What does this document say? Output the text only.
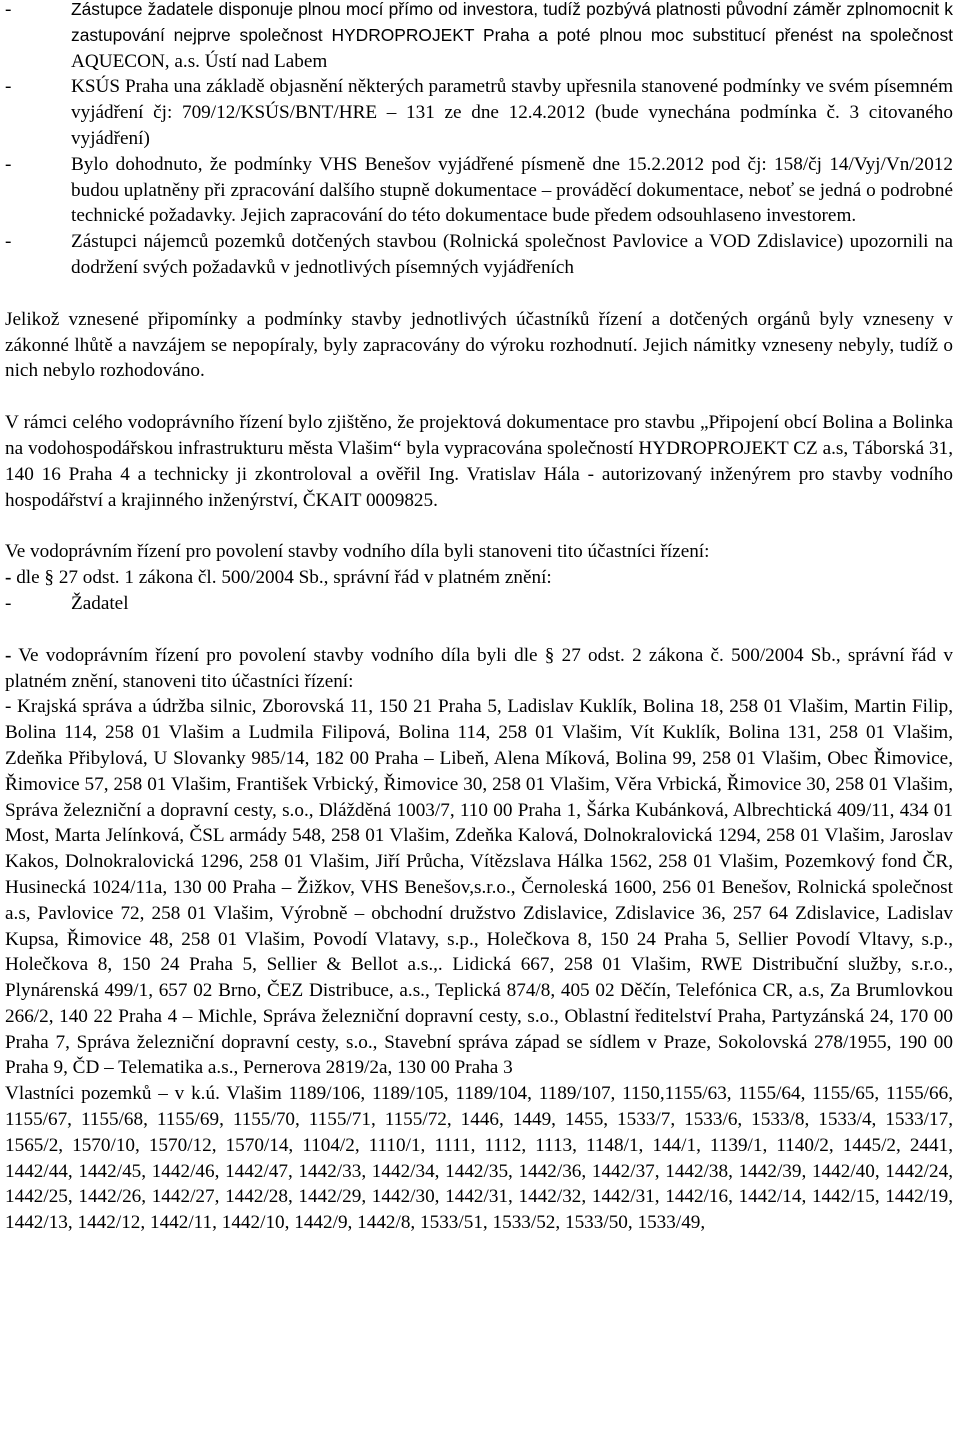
-	Zástupce žadatele disponuje plnou mocí přímo od investora, tudíž pozbývá platnosti původní záměr zplnomocnit k zastupování nejprve společnost HYDROPROJEKT Praha a poté plnou moc substitucí přenést na společnost AQUECON, a.s. Ústí nad Labem
-	KSÚS Praha una základě objasnění některých parametrů stavby upřesnila stanovené podmínky ve svém písemném vyjádření čj: 709/12/KSÚS/BNT/HRE – 131 ze dne 12.4.2012 (bude vynechána podmínka č. 3 citovaného vyjádření)
-	Bylo dohodnuto, že podmínky VHS Benešov vyjádřené písmeně dne 15.2.2012 pod čj: 158/čj 14/Vyj/Vn/2012 budou uplatněny při zpracování dalšího stupně dokumentace – prováděcí dokumentace, neboť se jedná o podrobné technické požadavky. Jejich zapracování do této dokumentace bude předem odsouhlaseno investorem.
-	Zástupci nájemců pozemků dotčených stavbou (Rolnická společnost Pavlovice a VOD Zdislavice) upozornili na dodržení svých požadavků v jednotlivých písemných vyjádřeních

Jelikož vznesené připomínky a podmínky stavby jednotlivých účastníků řízení a dotčených orgánů byly vzneseny v zákonné lhůtě a navzájem se nepopíraly, byly zapracovány do výroku rozhodnutí. Jejich námitky vzneseny nebyly, tudíž o nich nebylo rozhodováno.

V rámci celého vodoprávního řízení bylo zjištěno, že projektová dokumentace pro stavbu „Připojení obcí Bolina a Bolinka na vodohospodářskou infrastrukturu města Vlašim“ byla vypracována společností HYDROPROJEKT CZ a.s, Táborská 31, 140 16 Praha 4 a technicky ji zkontroloval a ověřil Ing. Vratislav Hála - autorizovaný inženýrem pro stavby vodního hospodářství a krajinného inženýrství, ČKAIT 0009825.

Ve vodoprávním řízení pro povolení stavby vodního díla byli stanoveni tito účastníci řízení:

- dle § 27 odst. 1 zákona čl. 500/2004 Sb., správní řád v platném znění:

-	Žadatel

- Ve vodoprávním řízení pro povolení stavby vodního díla byli dle § 27 odst. 2 zákona č. 500/2004 Sb., správní řád v platném znění, stanoveni tito účastníci řízení:

- Krajská správa a údržba silnic, Zborovská 11, 150 21 Praha 5, Ladislav Kuklík, Bolina 18, 258 01 Vlašim, Martin Filip, Bolina 114, 258 01 Vlašim a Ludmila Filipová, Bolina 114, 258 01 Vlašim, Vít Kuklík, Bolina 131, 258 01 Vlašim, Zdeňka Přibylová, U Slovanky 985/14, 182 00 Praha – Libeň, Alena Míková, Bolina 99, 258 01 Vlašim, Obec Řimovice, Řimovice 57, 258 01 Vlašim, František Vrbický, Řimovice 30, 258 01 Vlašim, Věra Vrbická, Řimovice 30, 258 01 Vlašim, Správa železniční a dopravní cesty, s.o., Dlážděná 1003/7, 110 00 Praha 1, Šárka Kubánková, Albrechtická 409/11, 434 01 Most, Marta Jelínková, ČSL armády 548, 258 01 Vlašim, Zdeňka Kalová, Dolnokralovická 1294, 258 01 Vlašim, Jaroslav Kakos, Dolnokralovická 1296, 258 01 Vlašim, Jiří Průcha, Vítězslava Hálka 1562, 258 01 Vlašim, Pozemkový fond ČR, Husinecká 1024/11a, 130 00 Praha – Žižkov, VHS Benešov,s.r.o., Černoleská 1600, 256 01 Benešov, Rolnická společnost a.s, Pavlovice 72, 258 01 Vlašim, Výrobně – obchodní družstvo Zdislavice, Zdislavice 36, 257 64 Zdislavice, Ladislav Kupsa, Řimovice 48, 258 01 Vlašim, Povodí Vlatavy, s.p., Holečkova 8, 150 24 Praha 5, Sellier Povodí Vltavy, s.p., Holečkova 8, 150 24 Praha 5, Sellier & Bellot a.s.,. Lidická 667, 258 01 Vlašim, RWE Distribuční služby, s.r.o., Plynárenská 499/1, 657 02 Brno, ČEZ Distribuce, a.s., Teplická 874/8, 405 02 Děčín, Telefónica CR, a.s, Za Brumlovkou 266/2, 140 22 Praha 4 – Michle, Správa železniční dopravní cesty, s.o., Oblastní ředitelství Praha, Partyzánská 24, 170 00 Praha 7, Správa železniční dopravní cesty, s.o., Stavební správa západ se sídlem v Praze, Sokolovská 278/1955, 190 00 Praha 9, ČD – Telematika a.s., Pernerova 2819/2a, 130 00 Praha 3

Vlastníci pozemků – v k.ú. Vlašim 1189/106, 1189/105, 1189/104, 1189/107, 1150,1155/63, 1155/64, 1155/65, 1155/66, 1155/67, 1155/68, 1155/69, 1155/70, 1155/71, 1155/72, 1446, 1449, 1455, 1533/7, 1533/6, 1533/8, 1533/4, 1533/17, 1565/2, 1570/10, 1570/12, 1570/14, 1104/2, 1110/1, 1111, 1112, 1113, 1148/1, 144/1, 1139/1, 1140/2, 1445/2, 2441, 1442/44, 1442/45, 1442/46, 1442/47, 1442/33, 1442/34, 1442/35, 1442/36, 1442/37, 1442/38, 1442/39, 1442/40, 1442/24, 1442/25, 1442/26, 1442/27, 1442/28, 1442/29, 1442/30, 1442/31, 1442/32, 1442/31, 1442/16, 1442/14, 1442/15, 1442/19, 1442/13, 1442/12, 1442/11, 1442/10, 1442/9, 1442/8, 1533/51, 1533/52, 1533/50, 1533/49,
